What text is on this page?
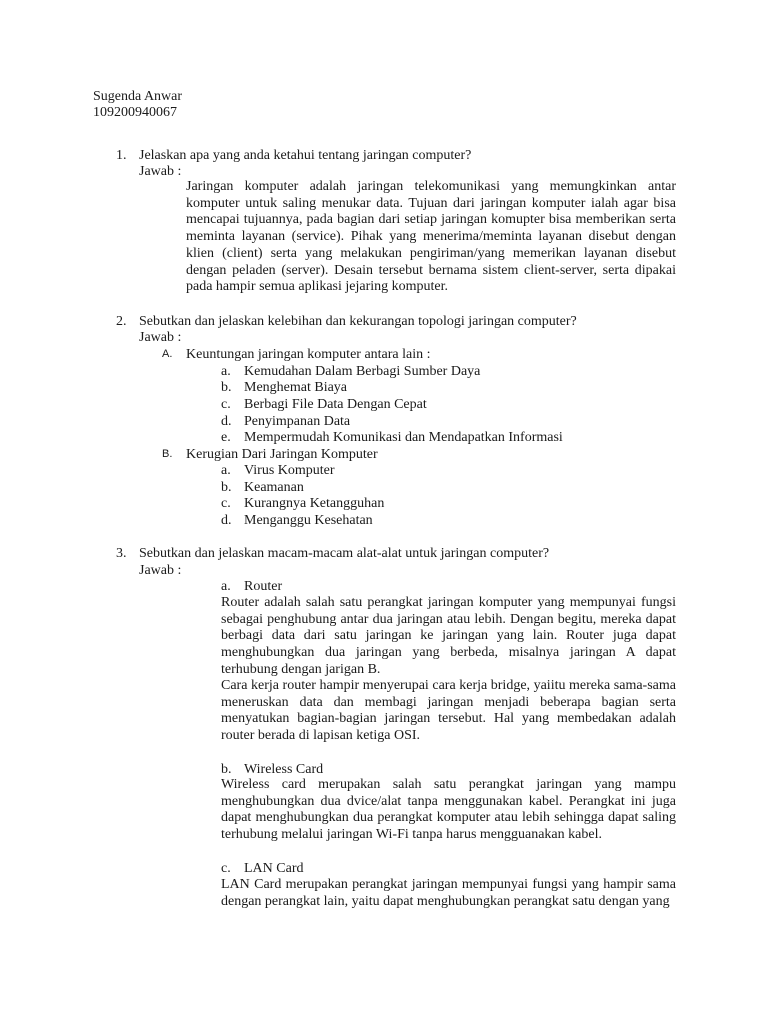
Sugenda Anwar
109200940067
1. Jelaskan apa yang anda ketahui tentang jaringan computer?
Jawab :
Jaringan komputer adalah jaringan telekomunikasi yang memungkinkan antar komputer untuk saling menukar data. Tujuan dari jaringan komputer ialah agar bisa mencapai tujuannya, pada bagian dari setiap jaringan komupter bisa memberikan serta meminta layanan (service). Pihak yang menerima/meminta layanan disebut dengan klien (client) serta yang melakukan pengiriman/yang memerikan layanan disebut dengan peladen (server). Desain tersebut bernama sistem client-server, serta dipakai pada hampir semua aplikasi jejaring komputer.
2. Sebutkan dan jelaskan kelebihan dan kekurangan topologi jaringan computer?
Jawab :
A. Keuntungan jaringan komputer antara lain :
a. Kemudahan Dalam Berbagi Sumber Daya
b. Menghemat Biaya
c. Berbagi File Data Dengan Cepat
d. Penyimpanan Data
e. Mempermudah Komunikasi dan Mendapatkan Informasi
B. Kerugian Dari Jaringan Komputer
a. Virus Komputer
b. Keamanan
c. Kurangnya Ketangguhan
d. Menganggu Kesehatan
3. Sebutkan dan jelaskan macam-macam alat-alat untuk jaringan computer?
Jawab :
a. Router
Router adalah salah satu perangkat jaringan komputer yang mempunyai fungsi sebagai penghubung antar dua jaringan atau lebih. Dengan begitu, mereka dapat berbagi data dari satu jaringan ke jaringan yang lain. Router juga dapat menghubungkan dua jaringan yang berbeda, misalnya jaringan A dapat terhubung dengan jarigan B.
Cara kerja router hampir menyerupai cara kerja bridge, yaiitu mereka sama-sama meneruskan data dan membagi jaringan menjadi beberapa bagian serta menyatukan bagian-bagian jaringan tersebut. Hal yang membedakan adalah router berada di lapisan ketiga OSI.
b. Wireless Card
Wireless card merupakan salah satu perangkat jaringan yang mampu menghubungkan dua dvice/alat tanpa menggunakan kabel. Perangkat ini juga dapat menghubungkan dua perangkat komputer atau lebih sehingga dapat saling terhubung melalui jaringan Wi-Fi tanpa harus mengguanakan kabel.
c. LAN Card
LAN Card merupakan perangkat jaringan mempunyai fungsi yang hampir sama dengan perangkat lain, yaitu dapat menghubungkan perangkat satu dengan yang
